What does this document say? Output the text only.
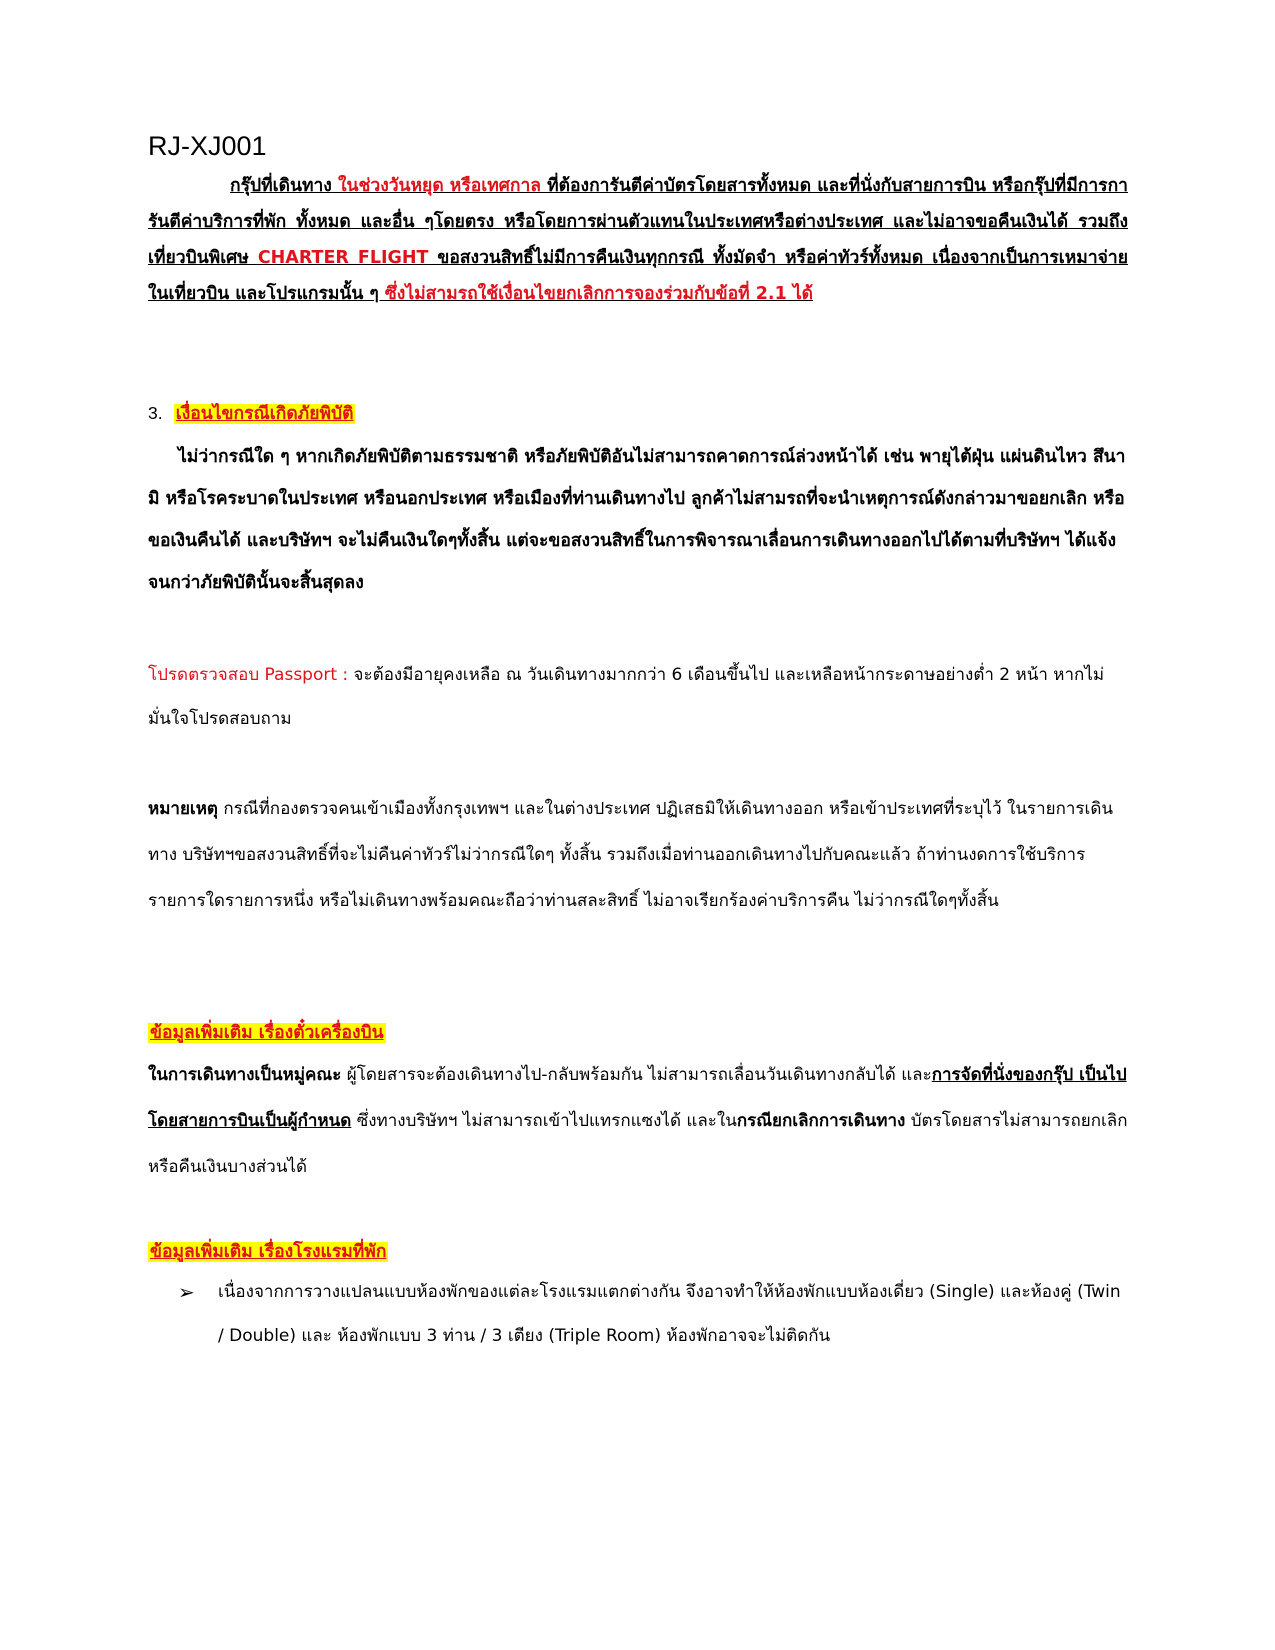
RJ-XJ001
กรุ๊ปที่เดินทาง ในช่วงวันหยุด หรือเทศกาล ที่ต้องการันตีค่าบัตรโดยสารทั้งหมด และที่นั่งกับสายการบิน หรือกรุ๊ปที่มีการการันตีค่าบริการที่พัก ทั้งหมด และอื่น ๆโดยตรง หรือโดยการผ่านตัวแทนในประเทศหรือต่างประเทศ และไม่อาจขอคืนเงินได้ รวมถึงเที่ยวบินพิเศษ CHARTER FLIGHT ขอสงวนสิทธิ์ไม่มีการคืนเงินทุกกรณี ทั้งมัดจำ หรือค่าทัวร์ทั้งหมด เนื่องจากเป็นการเหมาจ่ายในเที่ยวบิน และโปรแกรมนั้น ๆ ซึ่งไม่สามรถใช้เงื่อนไขยกเลิกการจองร่วมกับข้อที่ 2.1 ได้
3. เงื่อนไขกรณีเกิดภัยพิบัติ
ไม่ว่ากรณีใด ๆ หากเกิดภัยพิบัติตามธรรมชาติ หรือภัยพิบัติอันไม่สามารถคาดการณ์ล่วงหน้าได้ เช่น พายุไต้ฝุ่น แผ่นดินไหว สึนามิ หรือโรคระบาดในประเทศ หรือนอกประเทศ หรือเมืองที่ท่านเดินทางไป ลูกค้าไม่สามรถที่จะนำเหตุการณ์ดังกล่าวมาขอยกเลิก หรือขอเงินคืนได้ และบริษัทฯ จะไม่คืนเงินใดๆทั้งสิ้น แต่จะขอสงวนสิทธิ์ในการพิจารณาเลื่อนการเดินทางออกไปได้ตามที่บริษัทฯ ได้แจ้ง จนกว่าภัยพิบัตินั้นจะสิ้นสุดลง
โปรดตรวจสอบ Passport : จะต้องมีอายุคงเหลือ ณ วันเดินทางมากกว่า 6 เดือนขึ้นไป และเหลือหน้ากระดาษอย่างต่ำ 2 หน้า หากไม่มั่นใจโปรดสอบถาม
หมายเหตุ กรณีที่กองตรวจคนเข้าเมืองทั้งกรุงเทพฯ และในต่างประเทศ ปฏิเสธมิให้เดินทางออก หรือเข้าประเทศที่ระบุไว้ ในรายการเดินทาง บริษัทฯขอสงวนสิทธิ์ที่จะไม่คืนค่าทัวร์ไม่ว่ากรณีใดๆ ทั้งสิ้น รวมถึงเมื่อท่านออกเดินทางไปกับคณะแล้ว ถ้าท่านงดการใช้บริการรายการใดรายการหนึ่ง หรือไม่เดินทางพร้อมคณะถือว่าท่านสละสิทธิ์ ไม่อาจเรียกร้องค่าบริการคืน ไม่ว่ากรณีใดๆทั้งสิ้น
ข้อมูลเพิ่มเติม เรื่องตั๋วเครื่องบิน
ในการเดินทางเป็นหมู่คณะ ผู้โดยสารจะต้องเดินทางไป-กลับพร้อมกัน ไม่สามารถเลื่อนวันเดินทางกลับได้ และการจัดที่นั่งของกรุ๊ป เป็นไปโดยสายการบินเป็นผู้กำหนด ซึ่งทางบริษัทฯ ไม่สามารถเข้าไปแทรกแซงได้ และในกรณียกเลิกการเดินทาง บัตรโดยสารไม่สามารถยกเลิก หรือคืนเงินบางส่วนได้
ข้อมูลเพิ่มเติม เรื่องโรงแรมที่พัก
➢ เนื่องจากการวางแปลนแบบห้องพักของแต่ละโรงแรมแตกต่างกัน จึงอาจทำให้ห้องพักแบบห้องเดี่ยว (Single) และห้องคู่ (Twin / Double) และ ห้องพักแบบ 3 ท่าน / 3 เตียง (Triple Room) ห้องพักอาจจะไม่ติดกัน
